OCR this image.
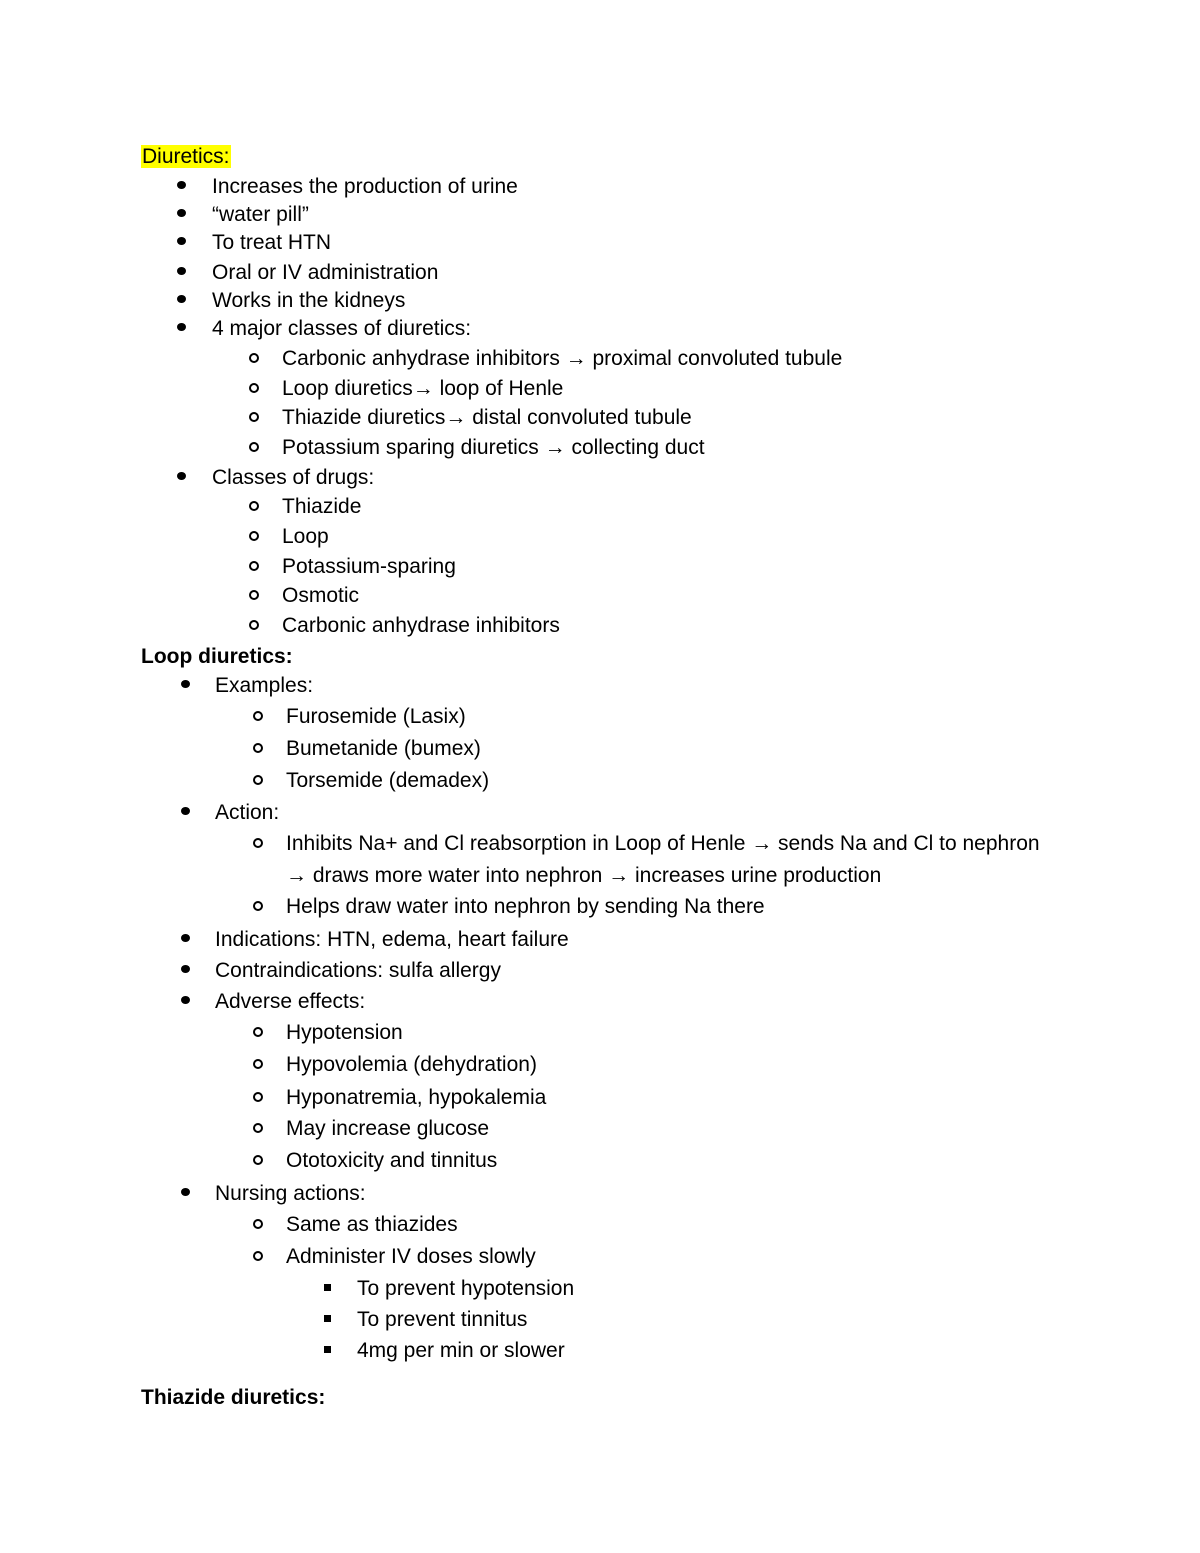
Diuretics:
Increases the production of urine
“water pill”
To treat HTN
Oral or IV administration
Works in the kidneys
4 major classes of diuretics:
Carbonic anhydrase inhibitors → proximal convoluted tubule
Loop diuretics→ loop of Henle
Thiazide diuretics→ distal convoluted tubule
Potassium sparing diuretics → collecting duct
Classes of drugs:
Thiazide
Loop
Potassium-sparing
Osmotic
Carbonic anhydrase inhibitors
Loop diuretics:
Examples:
Furosemide (Lasix)
Bumetanide (bumex)
Torsemide (demadex)
Action:
Inhibits Na+ and Cl reabsorption in Loop of Henle → sends Na and Cl to nephron
→ draws more water into nephron → increases urine production
Helps draw water into nephron by sending Na there
Indications: HTN, edema, heart failure
Contraindications: sulfa allergy
Adverse effects:
Hypotension
Hypovolemia (dehydration)
Hyponatremia, hypokalemia
May increase glucose
Ototoxicity and tinnitus
Nursing actions:
Same as thiazides
Administer IV doses slowly
To prevent hypotension
To prevent tinnitus
4mg per min or slower
Thiazide diuretics:
